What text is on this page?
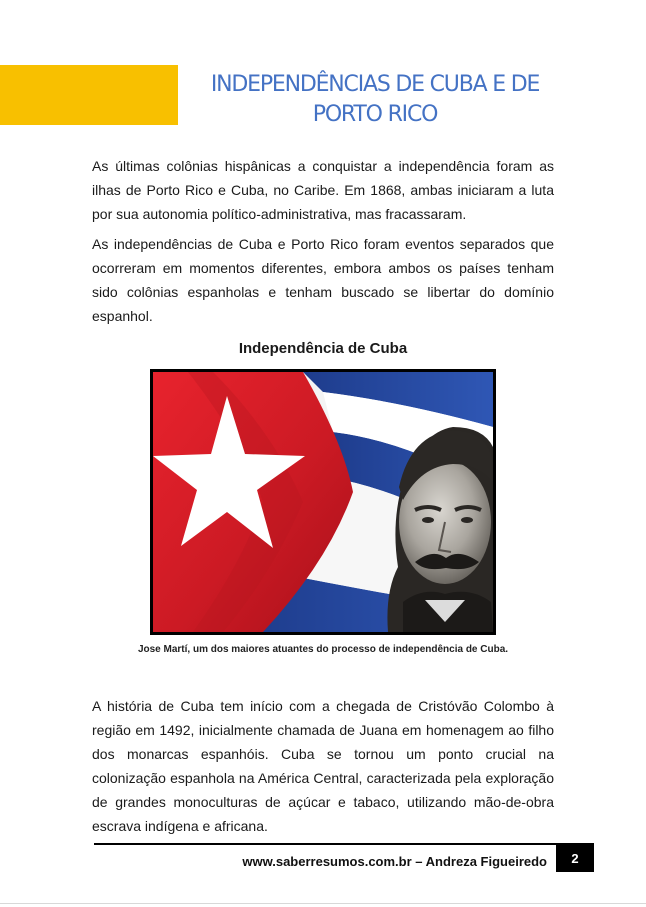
INDEPENDÊNCIAS DE CUBA E DE
PORTO RICO

As últimas colônias hispânicas a conquistar a independência foram as ilhas de Porto Rico e Cuba, no Caribe. Em 1868, ambas iniciaram a luta por sua autonomia político-administrativa, mas fracassaram.

As independências de Cuba e Porto Rico foram eventos separados que ocorreram em momentos diferentes, embora ambos os países tenham sido colônias espanholas e tenham buscado se libertar do domínio espanhol.

Independência de Cuba

Jose Martí, um dos maiores atuantes do processo de independência de Cuba.

A história de Cuba tem início com a chegada de Cristóvão Colombo à região em 1492, inicialmente chamada de Juana em homenagem ao filho dos monarcas espanhóis. Cuba se tornou um ponto crucial na colonização espanhola na América Central, caracterizada pela exploração de grandes monoculturas de açúcar e tabaco, utilizando mão-de-obra escrava indígena e africana.

www.saberresumos.com.br – Andreza Figueiredo	2
